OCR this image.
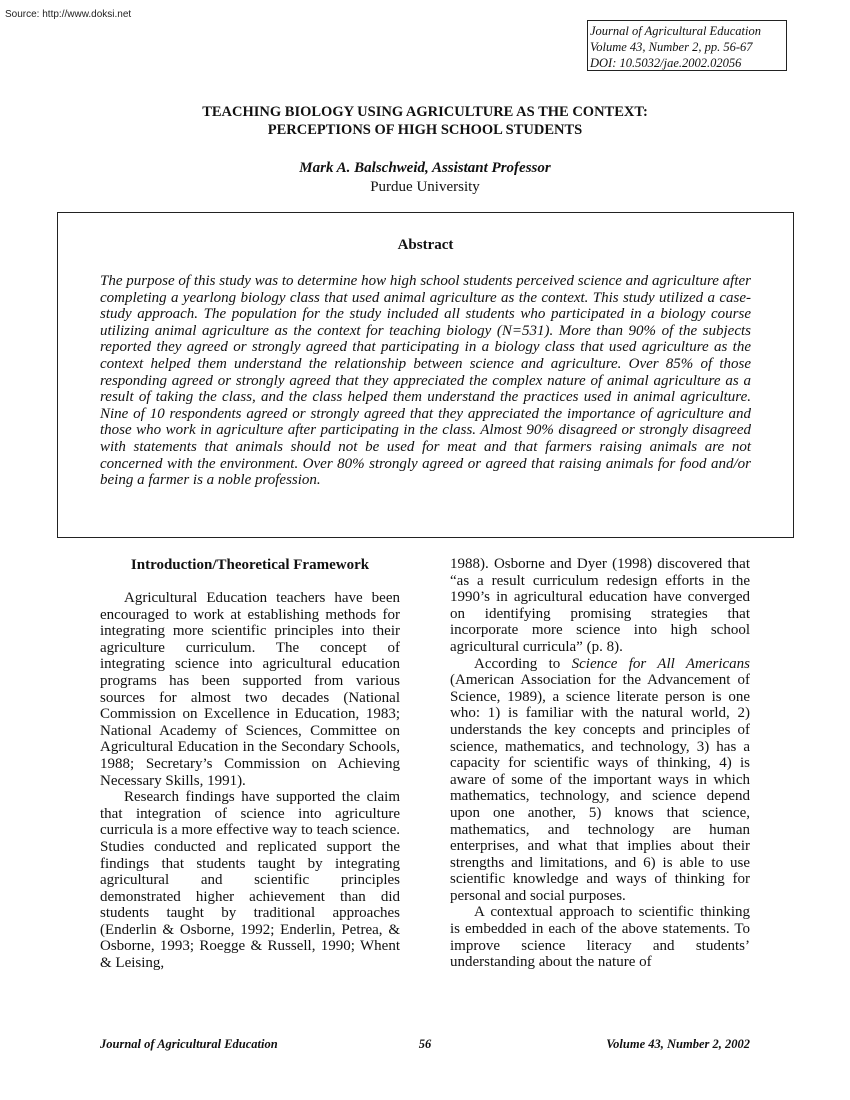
Source: http://www.doksi.net
Journal of Agricultural Education
Volume 43, Number 2, pp. 56-67
DOI: 10.5032/jae.2002.02056
TEACHING BIOLOGY USING AGRICULTURE AS THE CONTEXT:
PERCEPTIONS OF HIGH SCHOOL STUDENTS
Mark A. Balschweid, Assistant Professor
Purdue University
Abstract
The purpose of this study was to determine how high school students perceived science and agriculture after completing a yearlong biology class that used animal agriculture as the context. This study utilized a case-study approach. The population for the study included all students who participated in a biology course utilizing animal agriculture as the context for teaching biology (N=531). More than 90% of the subjects reported they agreed or strongly agreed that participating in a biology class that used agriculture as the context helped them understand the relationship between science and agriculture. Over 85% of those responding agreed or strongly agreed that they appreciated the complex nature of animal agriculture as a result of taking the class, and the class helped them understand the practices used in animal agriculture. Nine of 10 respondents agreed or strongly agreed that they appreciated the importance of agriculture and those who work in agriculture after participating in the class. Almost 90% disagreed or strongly disagreed with statements that animals should not be used for meat and that farmers raising animals are not concerned with the environment. Over 80% strongly agreed or agreed that raising animals for food and/or being a farmer is a noble profession.
Introduction/Theoretical Framework

Agricultural Education teachers have been encouraged to work at establishing methods for integrating more scientific principles into their agriculture curriculum. The concept of integrating science into agricultural education programs has been supported from various sources for almost two decades (National Commission on Excellence in Education, 1983; National Academy of Sciences, Committee on Agricultural Education in the Secondary Schools, 1988; Secretary’s Commission on Achieving Necessary Skills, 1991).

Research findings have supported the claim that integration of science into agriculture curricula is a more effective way to teach science. Studies conducted and replicated support the findings that students taught by integrating agricultural and scientific principles demonstrated higher achievement than did students taught by traditional approaches (Enderlin & Osborne, 1992; Enderlin, Petrea, & Osborne, 1993; Roegge & Russell, 1990; Whent & Leising,

1988). Osborne and Dyer (1998) discovered that “as a result curriculum redesign efforts in the 1990’s in agricultural education have converged on identifying promising strategies that incorporate more science into high school agricultural curricula” (p. 8).

According to Science for All Americans (American Association for the Advancement of Science, 1989), a science literate person is one who: 1) is familiar with the natural world, 2) understands the key concepts and principles of science, mathematics, and technology, 3) has a capacity for scientific ways of thinking, 4) is aware of some of the important ways in which mathematics, technology, and science depend upon one another, 5) knows that science, mathematics, and technology are human enterprises, and what that implies about their strengths and limitations, and 6) is able to use scientific knowledge and ways of thinking for personal and social purposes.

A contextual approach to scientific thinking is embedded in each of the above statements. To improve science literacy and students’ understanding about the nature of

Journal of Agricultural Education	56	Volume 43, Number 2, 2002
